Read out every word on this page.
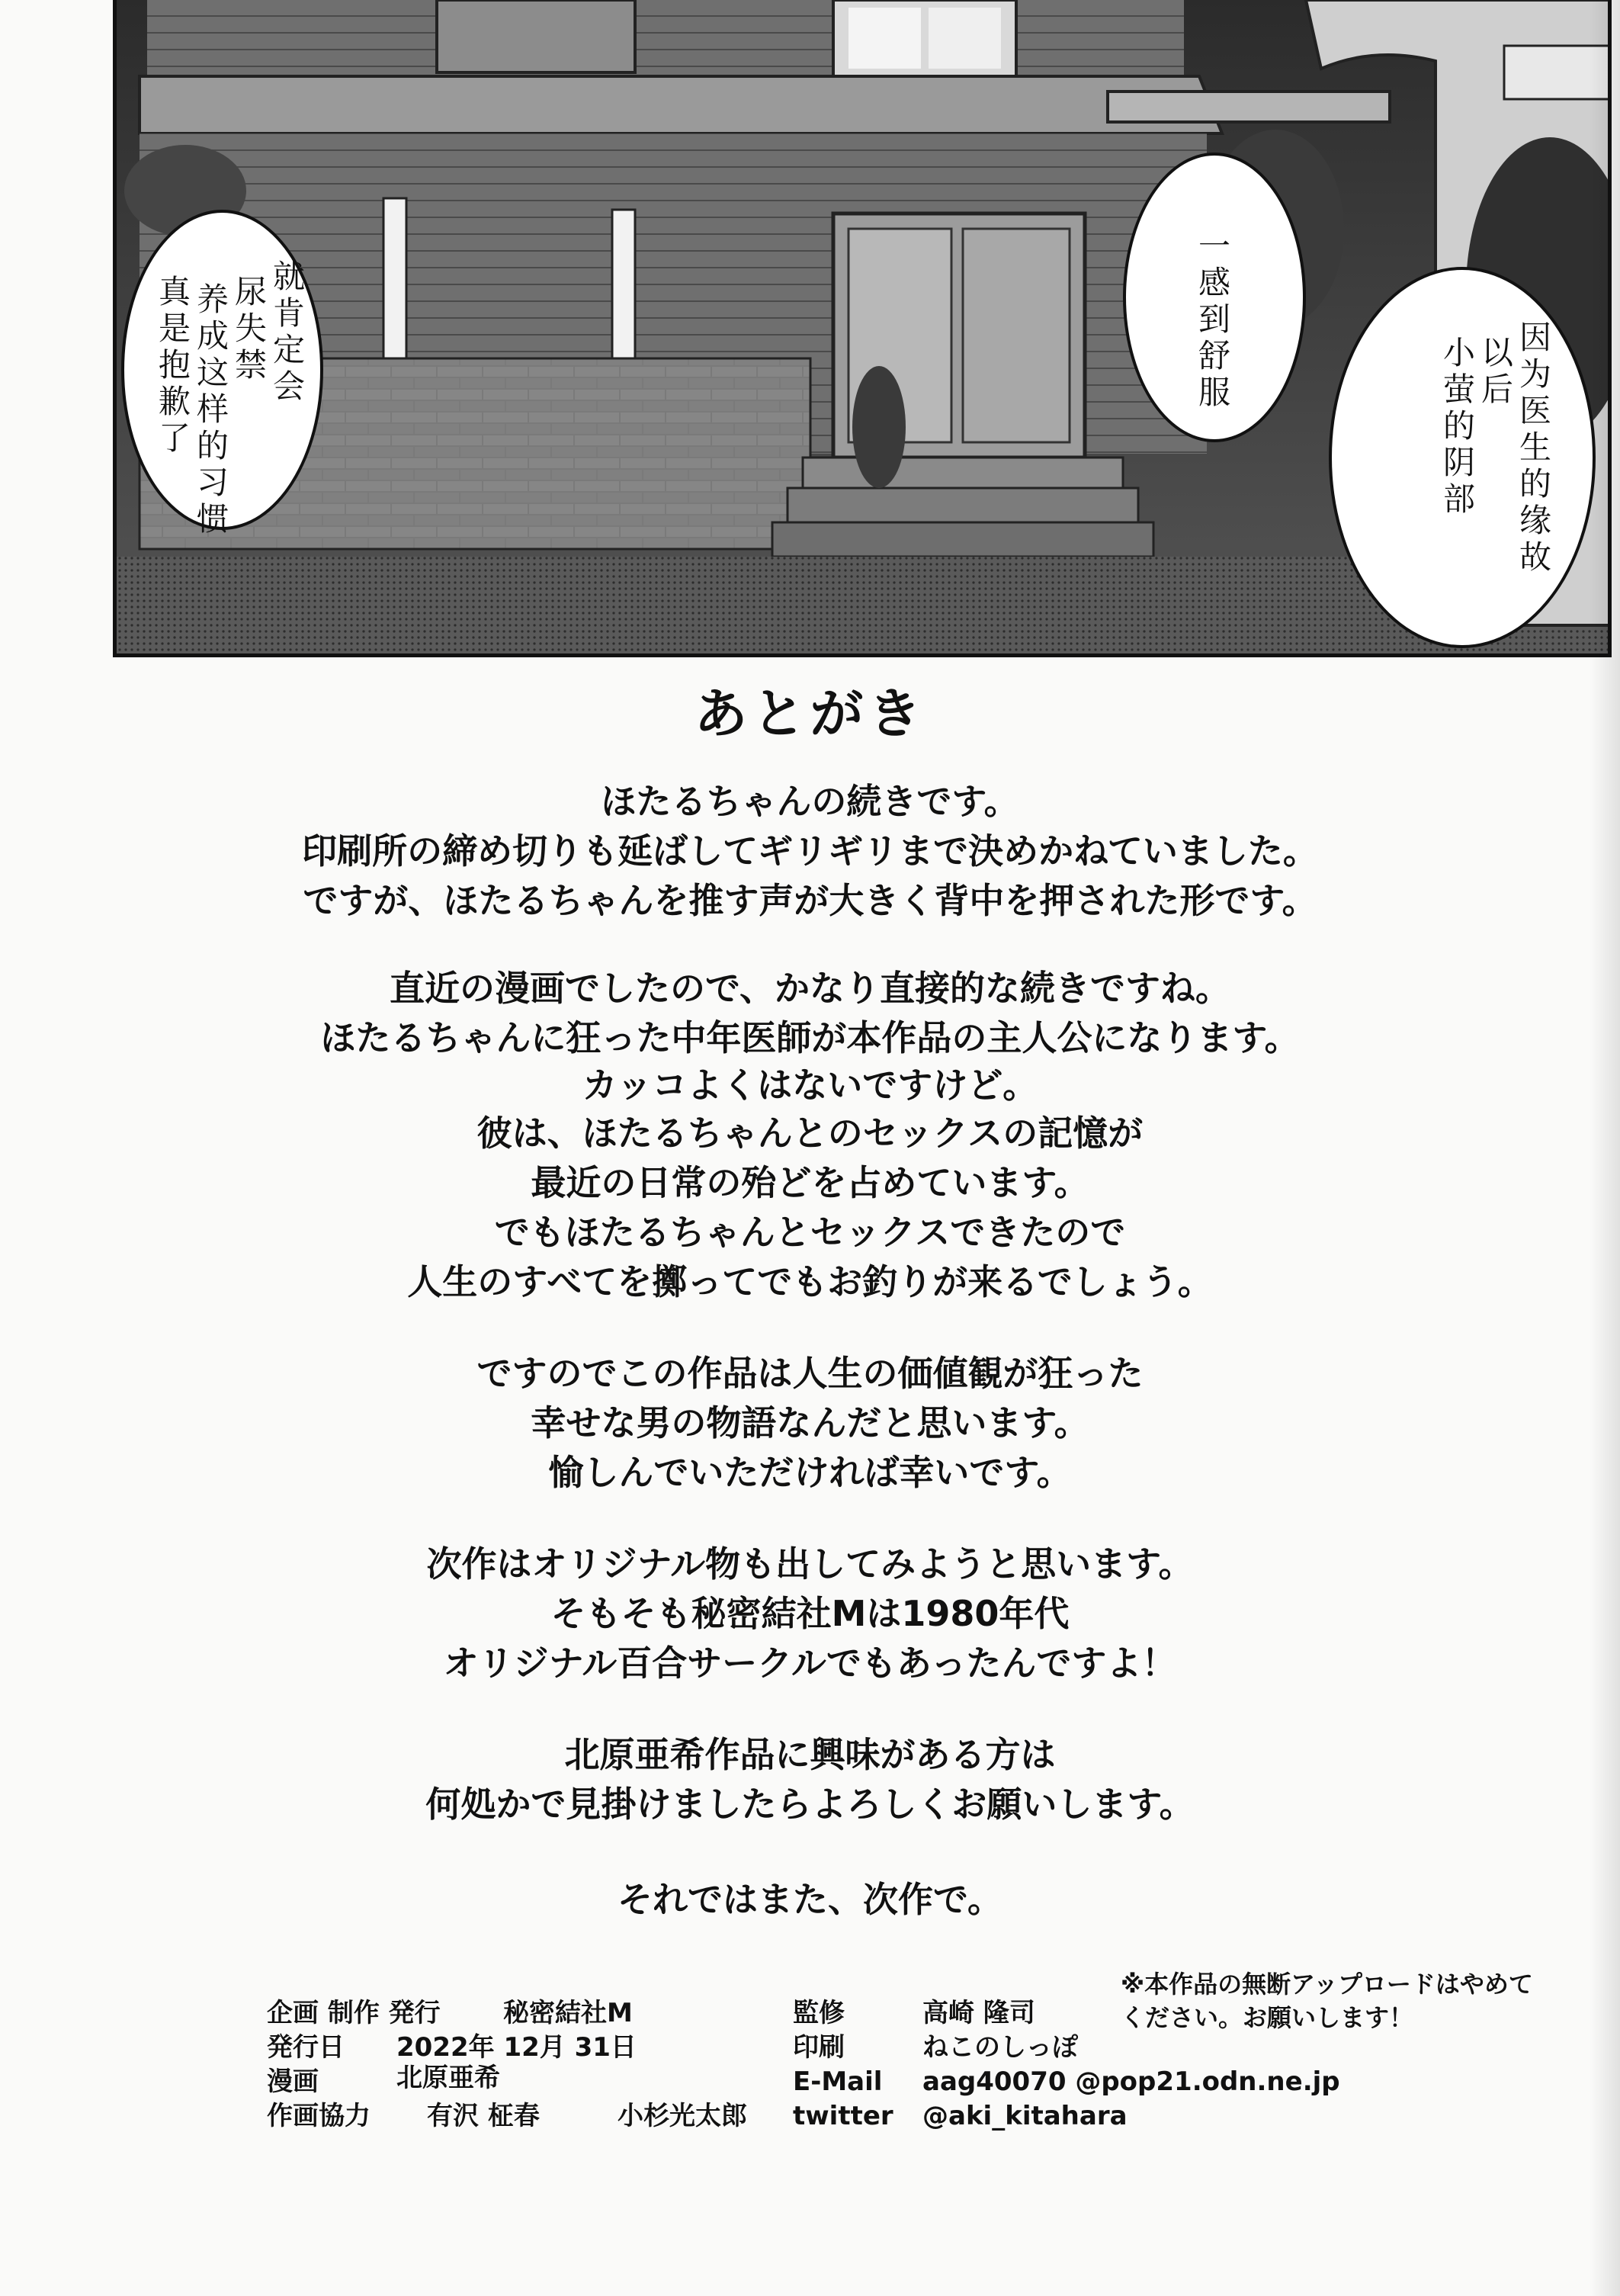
就肯定会
尿失禁
养成这样的习惯
真是抱歉了	一感到舒服	因为医生的缘故
以后
小萤的阴部
あとがき
ほたるちゃんの続きです。
印刷所の締め切りも延ばしてギリギリまで決めかねていました。
ですが、ほたるちゃんを推す声が大きく背中を押された形です。
直近の漫画でしたので、かなり直接的な続きですね。
ほたるちゃんに狂った中年医師が本作品の主人公になります。
カッコよくはないですけど。
彼は、ほたるちゃんとのセックスの記憶が
最近の日常の殆どを占めています。
でもほたるちゃんとセックスできたので
人生のすべてを擲ってでもお釣りが来るでしょう。
ですのでこの作品は人生の価値観が狂った
幸せな男の物語なんだと思います。
愉しんでいただければ幸いです。
次作はオリジナル物も出してみようと思います。
そもそも秘密結社Mは1980年代
オリジナル百合サークルでもあったんですよ！
北原亜希作品に興味がある方は
何処かで見掛けましたらよろしくお願いします。
それではまた、次作で。
企画 制作 発行 秘密結社M
発行日 2022年 12月 31日
漫画	北原亜希
作画協力 有沢 柾春	小杉光太郎
監修	高崎 隆司
印刷	ねこのしっぽ
E-Mail aag40070 @pop21.odn.ne.jp
twitter @aki_kitahara
※本作品の無断アップロードはやめてください。お願いします！
